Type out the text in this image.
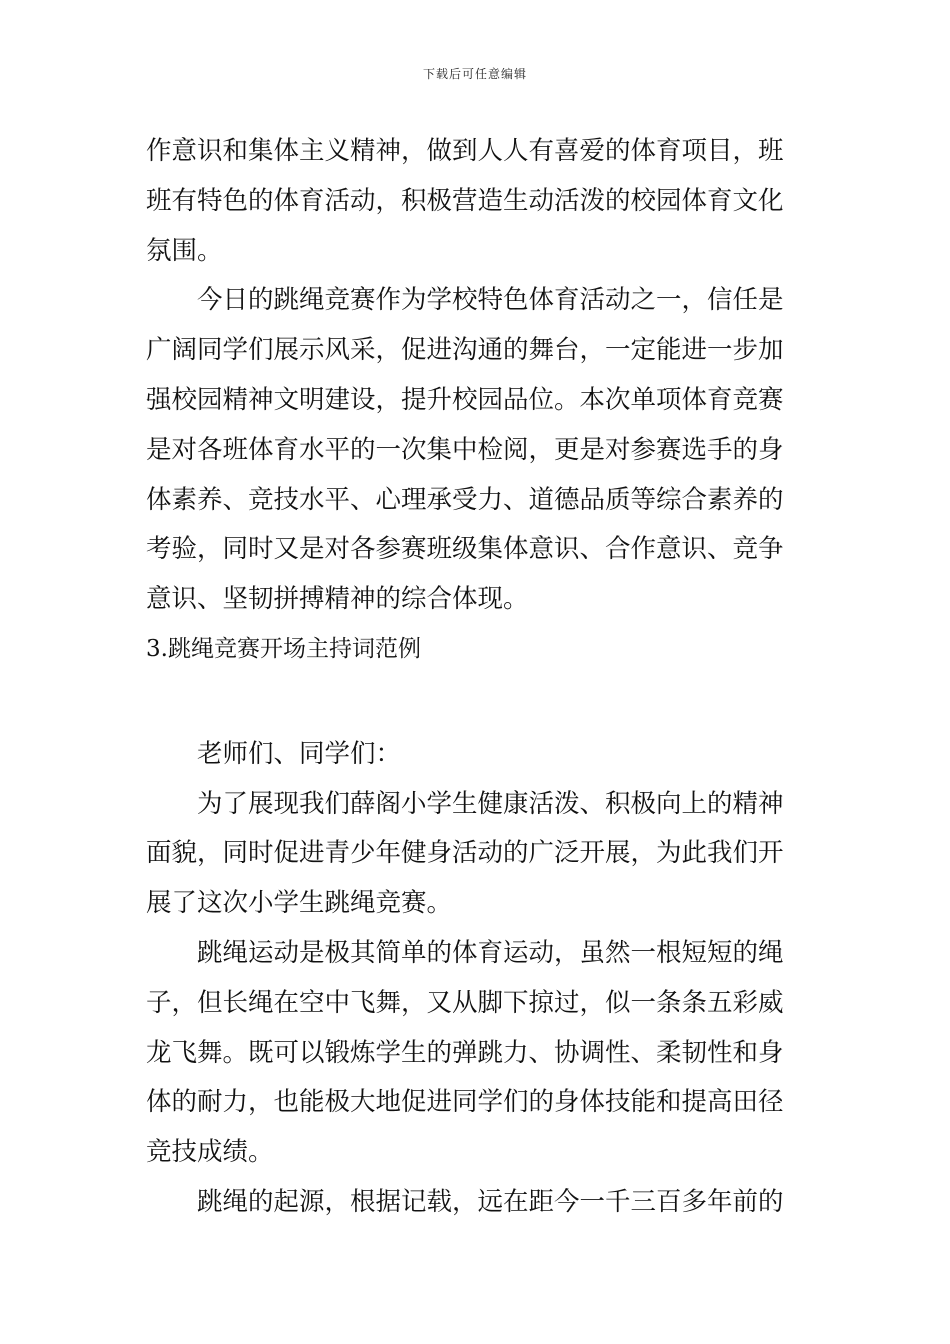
下载后可任意编辑
作意识和集体主义精神，做到人人有喜爱的体育项目，班
班有特色的体育活动，积极营造生动活泼的校园体育文化
氛围。
今日的跳绳竞赛作为学校特色体育活动之一，信任是
广阔同学们展示风采，促进沟通的舞台，一定能进一步加
强校园精神文明建设，提升校园品位。本次单项体育竞赛
是对各班体育水平的一次集中检阅，更是对参赛选手的身
体素养、竞技水平、心理承受力、道德品质等综合素养的
考验，同时又是对各参赛班级集体意识、合作意识、竞争
意识、坚韧拼搏精神的综合体现。
3.跳绳竞赛开场主持词范例
老师们、同学们：
为了展现我们薛阁小学生健康活泼、积极向上的精神
面貌，同时促进青少年健身活动的广泛开展，为此我们开
展了这次小学生跳绳竞赛。
跳绳运动是极其简单的体育运动，虽然一根短短的绳
子，但长绳在空中飞舞，又从脚下掠过，似一条条五彩威
龙飞舞。既可以锻炼学生的弹跳力、协调性、柔韧性和身
体的耐力，也能极大地促进同学们的身体技能和提高田径
竞技成绩。
跳绳的起源，根据记载，远在距今一千三百多年前的
